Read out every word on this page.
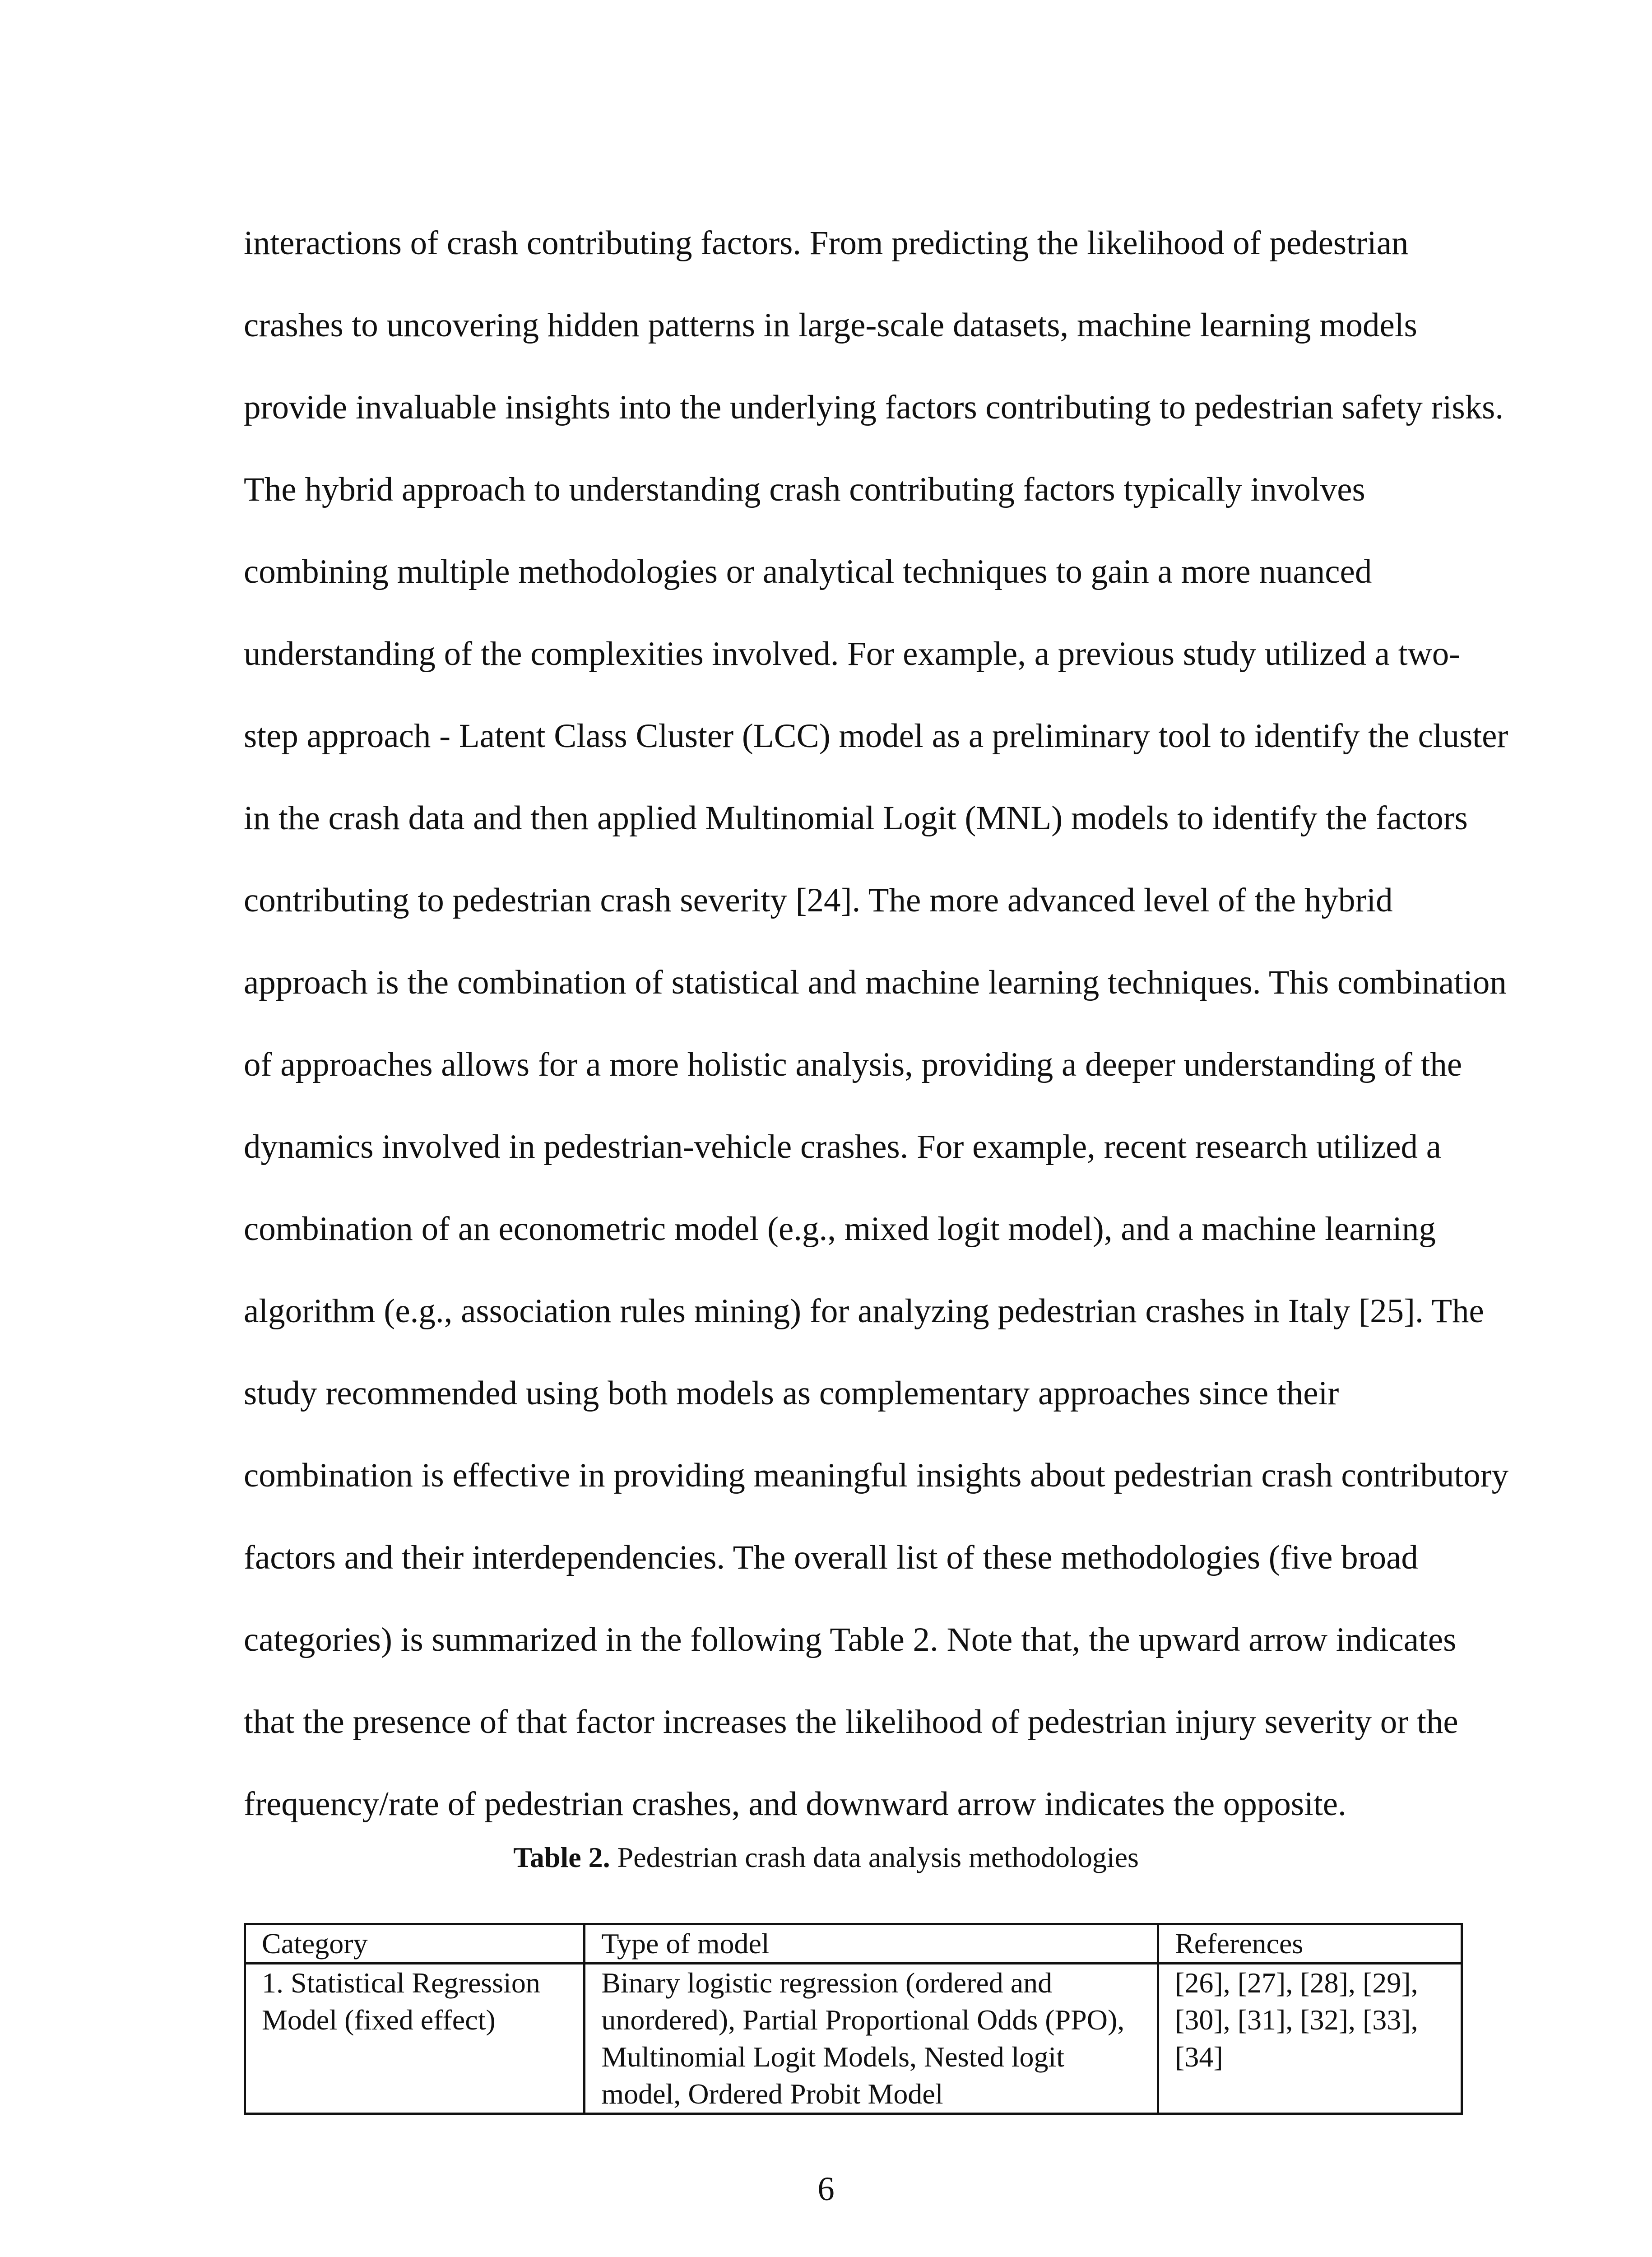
interactions of crash contributing factors. From predicting the likelihood of pedestrian
crashes to uncovering hidden patterns in large-scale datasets, machine learning models
provide invaluable insights into the underlying factors contributing to pedestrian safety risks.
The hybrid approach to understanding crash contributing factors typically involves
combining multiple methodologies or analytical techniques to gain a more nuanced
understanding of the complexities involved. For example, a previous study utilized a two-
step approach - Latent Class Cluster (LCC) model as a preliminary tool to identify the cluster
in the crash data and then applied Multinomial Logit (MNL) models to identify the factors
contributing to pedestrian crash severity [24]. The more advanced level of the hybrid
approach is the combination of statistical and machine learning techniques. This combination
of approaches allows for a more holistic analysis, providing a deeper understanding of the
dynamics involved in pedestrian-vehicle crashes. For example, recent research utilized a
combination of an econometric model (e.g., mixed logit model), and a machine learning
algorithm (e.g., association rules mining) for analyzing pedestrian crashes in Italy [25]. The
study recommended using both models as complementary approaches since their
combination is effective in providing meaningful insights about pedestrian crash contributory
factors and their interdependencies. The overall list of these methodologies (five broad
categories) is summarized in the following Table 2. Note that, the upward arrow indicates
that the presence of that factor increases the likelihood of pedestrian injury severity or the
frequency/rate of pedestrian crashes, and downward arrow indicates the opposite.
Table 2. Pedestrian crash data analysis methodologies
Category	Type of model	References

1. Statistical Regression
Model (fixed effect)	Binary logistic regression (ordered and
unordered), Partial Proportional Odds (PPO),
Multinomial Logit Models, Nested logit
model, Ordered Probit Model	[26], [27], [28], [29],
[30], [31], [32], [33],
[34]
6
